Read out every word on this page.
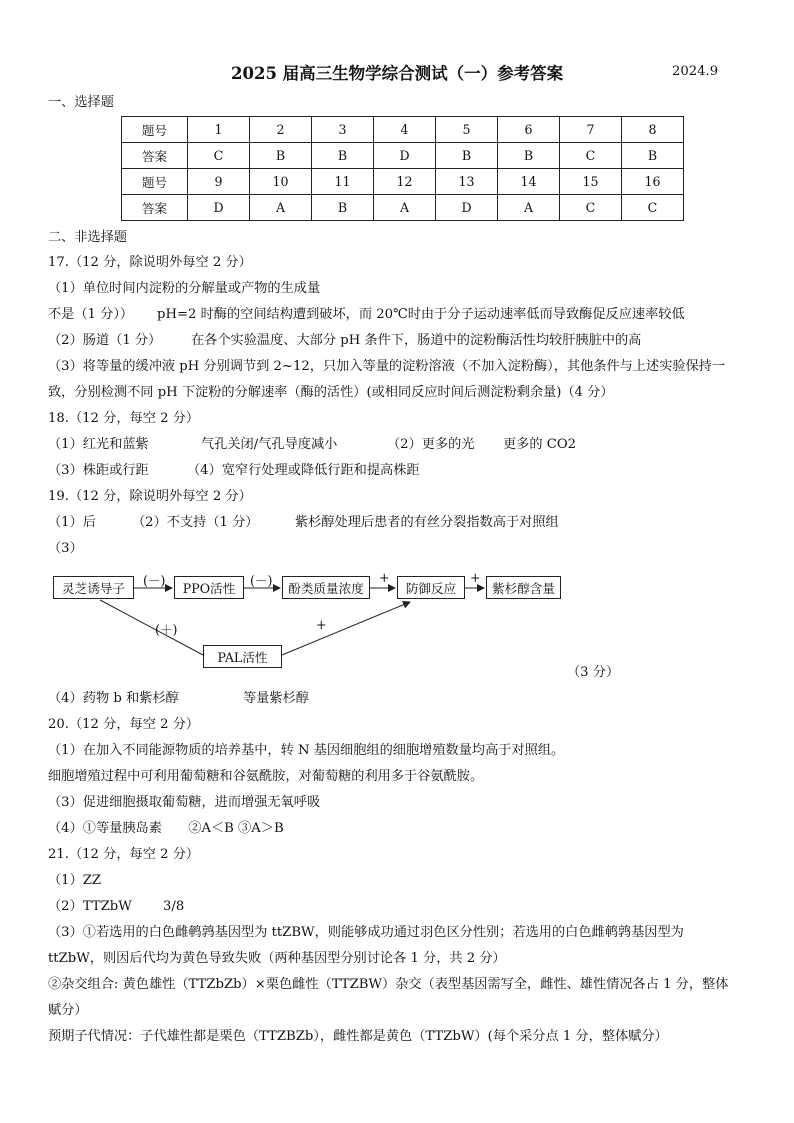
2025 届高三生物学综合测试（一）参考答案	2024.9
一、选择题
题号	1	2	3	4	5	6	7	8
答案	C	B	B	D	B	B	C	B
题号	9	10	11	12	13	14	15	16
答案	D	A	B	A	D	A	C	C
二、非选择题
17.（12 分，除说明外每空 2 分）
（1）单位时间内淀粉的分解量或产物的生成量
不是（1 分）） pH=2 时酶的空间结构遭到破坏，而 20℃时由于分子运动速率低而导致酶促反应速率较低
（2）肠道（1 分） 在各个实验温度、大部分 pH 条件下，肠道中的淀粉酶活性均较肝胰脏中的高
（3）将等量的缓冲液 pH 分别调节到 2~12，只加入等量的淀粉溶液（不加入淀粉酶），其他条件与上述实验保持一
致，分别检测不同 pH 下淀粉的分解速率（酶的活性）(或相同反应时间后测淀粉剩余量)（4 分）
18.（12 分，每空 2 分）
（1）红光和蓝紫	气孔关闭/气孔导度减小	（2）更多的光 更多的 CO2
（3）株距或行距	（4）宽窄行处理或降低行距和提高株距
19.（12 分，除说明外每空 2 分）
（1）后	（2）不支持（1 分）	紫杉醇处理后患者的有丝分裂指数高于对照组
（3）
灵芝诱导子	PPO活性	酚类质量浓度	防御反应	紫杉醇含量
PAL活性
(－)	(－)	+	+
(＋)	+
（3 分）
（4）药物 b 和紫杉醇	等量紫杉醇
20.（12 分，每空 2 分）
（1）在加入不同能源物质的培养基中，转 N 基因细胞组的细胞增殖数量均高于对照组。
细胞增殖过程中可利用葡萄糖和谷氨酰胺，对葡萄糖的利用多于谷氨酰胺。
（3）促进细胞摄取葡萄糖，进而增强无氧呼吸
（4）①等量胰岛素　　②A＜B ③A＞B
21.（12 分，每空 2 分）
（1）ZZ
（2）TTZbW 3/8
（3）①若选用的白色雌鹌鹑基因型为 ttZBW，则能够成功通过羽色区分性别；若选用的白色雌鹌鹑基因型为
ttZbW，则因后代均为黄色导致失败（两种基因型分别讨论各 1 分，共 2 分）
②杂交组合: 黄色雄性（TTZbZb）×栗色雌性（TTZBW）杂交（表型基因需写全，雌性、雄性情况各占 1 分，整体
赋分）
预期子代情况：子代雄性都是栗色（TTZBZb），雌性都是黄色（TTZbW）(每个采分点 1 分，整体赋分）
